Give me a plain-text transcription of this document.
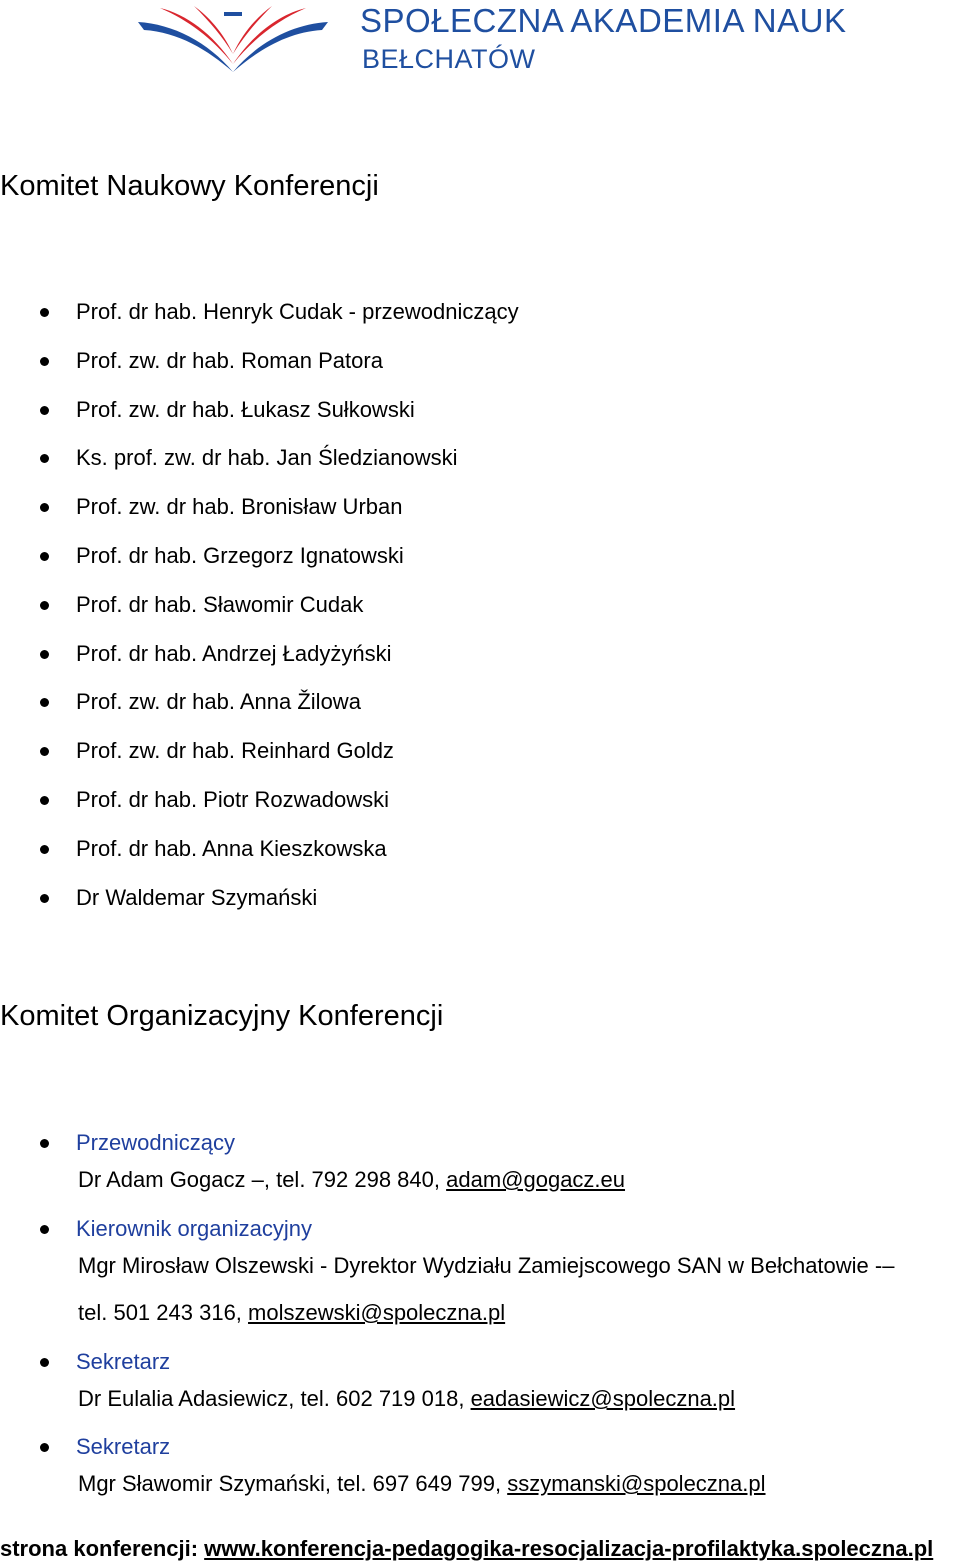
SPOŁECZNA AKADEMIA NAUK
BEŁCHATÓW
Komitet Naukowy Konferencji
Prof. dr hab. Henryk Cudak - przewodniczący
Prof. zw. dr hab. Roman Patora
Prof. zw. dr hab. Łukasz Sułkowski
Ks. prof. zw. dr hab. Jan Śledzianowski
Prof. zw. dr hab. Bronisław Urban
Prof. dr hab. Grzegorz Ignatowski
Prof. dr hab. Sławomir Cudak
Prof. dr hab. Andrzej Ładyżyński
Prof. zw. dr hab. Anna Žilowa
Prof. zw. dr hab. Reinhard Goldz
Prof. dr hab. Piotr Rozwadowski
Prof. dr hab. Anna Kieszkowska
Dr Waldemar Szymański
Komitet Organizacyjny Konferencji
Przewodniczący
Dr Adam Gogacz –, tel. 792 298 840, adam@gogacz.eu
Kierownik organizacyjny
Mgr Mirosław Olszewski - Dyrektor Wydziału Zamiejscowego SAN w Bełchatowie -–
tel. 501 243 316, molszewski@spoleczna.pl
Sekretarz
Dr Eulalia Adasiewicz, tel. 602 719 018, eadasiewicz@spoleczna.pl
Sekretarz
Mgr Sławomir Szymański, tel. 697 649 799, sszymanski@spoleczna.pl
strona konferencji: www.konferencja-pedagogika-resocjalizacja-profilaktyka.spoleczna.pl
